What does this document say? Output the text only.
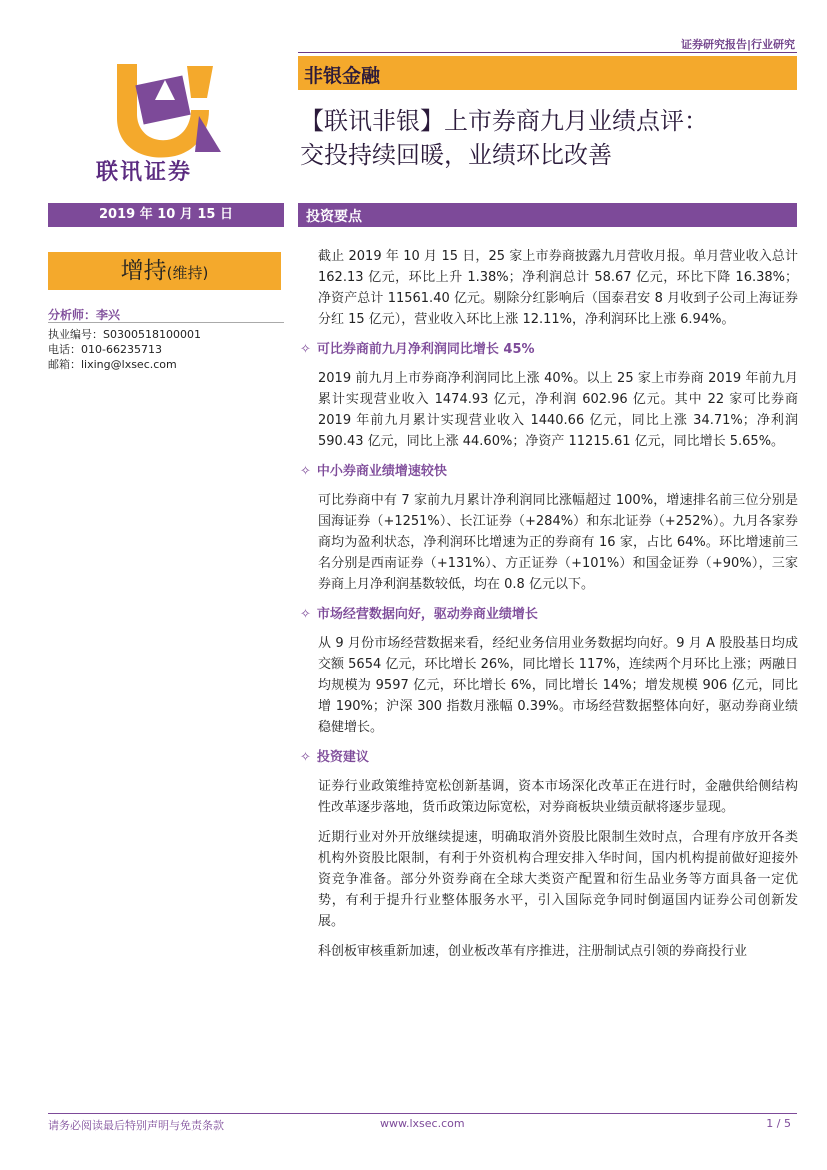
证券研究报告|行业研究
联讯证券
非银金融
【联讯非银】上市券商九月业绩点评：
交投持续回暖，业绩环比改善
2019 年 10 月 15 日	投资要点
增持(维持)
分析师：李兴
执业编号：S0300518100001
电话：010-66235713
邮箱：lixing@lxsec.com

截止 2019 年 10 月 15 日，25 家上市券商披露九月营收月报。单月营业收入总计 162.13 亿元，环比上升 1.38%；净利润总计 58.67 亿元，环比下降 16.38%；净资产总计 11561.40 亿元。剔除分红影响后（国泰君安 8 月收到子公司上海证券分红 15 亿元），营业收入环比上涨 12.11%，净利润环比上涨 6.94%。

✧ 可比券商前九月净利润同比增长 45%

2019 前九月上市券商净利润同比上涨 40%。以上 25 家上市券商 2019 年前九月累计实现营业收入 1474.93 亿元，净利润 602.96 亿元。其中 22 家可比券商 2019 年前九月累计实现营业收入 1440.66 亿元，同比上涨 34.71%；净利润 590.43 亿元，同比上涨 44.60%；净资产 11215.61 亿元，同比增长 5.65%。

✧ 中小券商业绩增速较快

可比券商中有 7 家前九月累计净利润同比涨幅超过 100%，增速排名前三位分别是国海证券（+1251%）、长江证券（+284%）和东北证券（+252%）。九月各家券商均为盈利状态，净利润环比增速为正的券商有 16 家，占比 64%。环比增速前三名分别是西南证券（+131%）、方正证券（+101%）和国金证券（+90%），三家券商上月净利润基数较低，均在 0.8 亿元以下。

✧ 市场经营数据向好，驱动券商业绩增长

从 9 月份市场经营数据来看，经纪业务信用业务数据均向好。9 月 A 股股基日均成交额 5654 亿元，环比增长 26%，同比增长 117%，连续两个月环比上涨；两融日均规模为 9597 亿元，环比增长 6%，同比增长 14%；增发规模 906 亿元，同比增 190%；沪深 300 指数月涨幅 0.39%。市场经营数据整体向好，驱动券商业绩稳健增长。

✧ 投资建议

证券行业政策维持宽松创新基调，资本市场深化改革正在进行时，金融供给侧结构性改革逐步落地，货币政策边际宽松，对券商板块业绩贡献将逐步显现。

近期行业对外开放继续提速，明确取消外资股比限制生效时点，合理有序放开各类机构外资股比限制，有利于外资机构合理安排入华时间，国内机构提前做好迎接外资竞争准备。部分外资券商在全球大类资产配置和衍生品业务等方面具备一定优势，有利于提升行业整体服务水平，引入国际竞争同时倒逼国内证券公司创新发展。

科创板审核重新加速，创业板改革有序推进，注册制试点引领的券商投行业

请务必阅读最后特别声明与免责条款	www.lxsec.com	1 / 5
